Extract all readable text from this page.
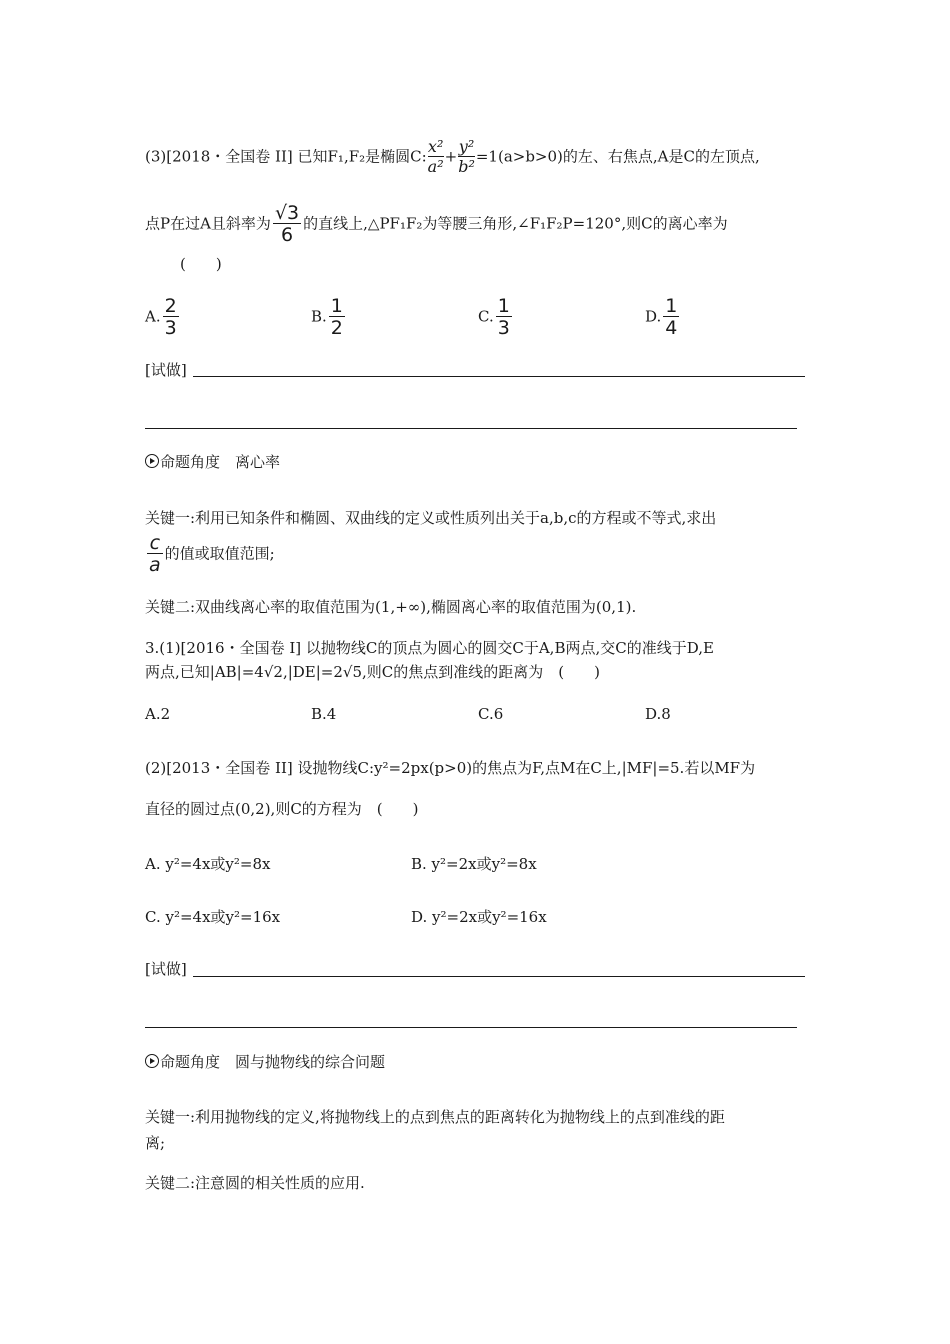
(3)[2018・全国卷 II] 已知F₁,F₂是椭圆C: $\frac{\text{x²}}{\text{a²}} + \frac{\text{y²}}{\text{b²}} =1(a>b>0)$的左、右焦点,A是C的左顶点,
点P在过A且斜率为 $\frac{√3}{6}$ 的直线上,△PF₁F₂为等腰三角形,∠F₁F₂P=120°,则C的离心率为
(　　)
A. $\frac{2}{3}$	B. $\frac{1}{2}$	C. $\frac{1}{3}$	D. $\frac{1}{4}$
[试做]
命题角度　离心率
关键一:利用已知条件和椭圆、双曲线的定义或性质列出关于a,b,c的方程或不等式,求出
$\frac{c}{a}$ 的值或取值范围;
关键二:双曲线离心率的取值范围为(1,+∞),椭圆离心率的取值范围为(0,1).
3.(1)[2016・全国卷 I] 以抛物线C的顶点为圆心的圆交C于A,B两点,交C的准线于D,E
两点,已知|AB|=4√2,|DE|=2√5,则C的焦点到准线的距离为　(　　)
A.2	B.4	C.6	D.8
(2)[2013・全国卷 II] 设抛物线C:y²=2px(p>0)的焦点为F,点M在C上,|MF|=5.若以MF为
直径的圆过点(0,2),则C的方程为　(　　)
A. y²=4x或y²=8x	B. y²=2x或y²=8x
C. y²=4x或y²=16x	D. y²=2x或y²=16x
[试做]
命题角度　圆与抛物线的综合问题
关键一:利用抛物线的定义,将抛物线上的点到焦点的距离转化为抛物线上的点到准线的距
离;
关键二:注意圆的相关性质的应用.
